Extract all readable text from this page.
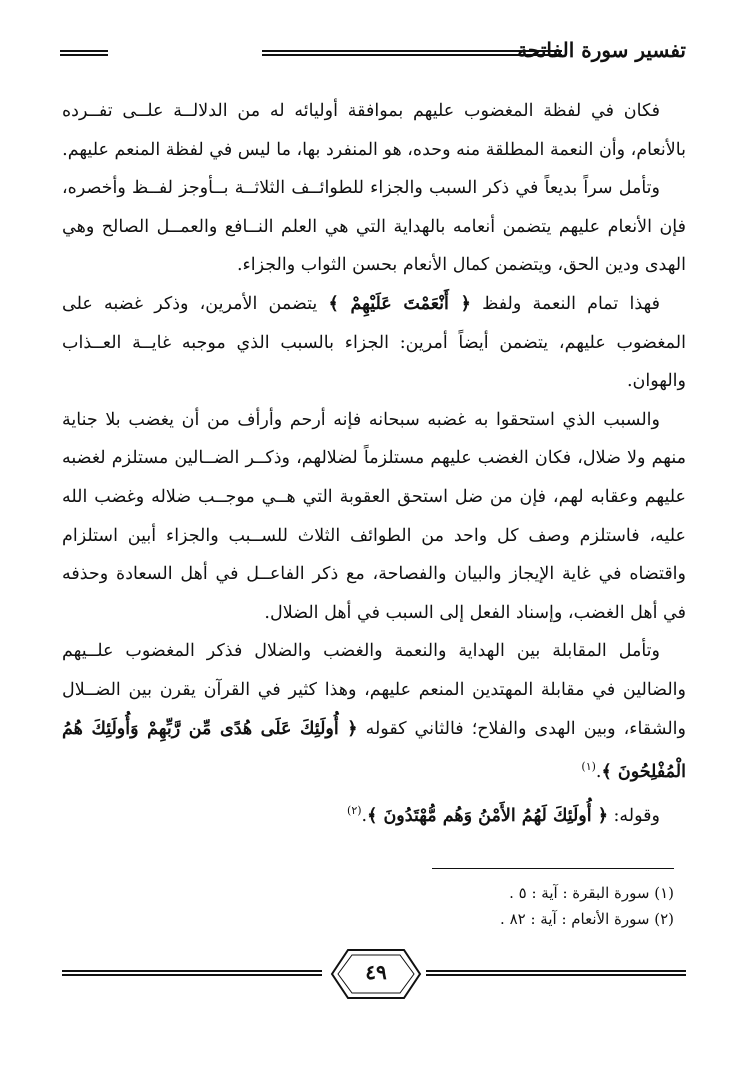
تفسير سورة الفاتحة

فكان في لفظة المغضوب عليهم بموافقة أوليائه له من الدلالــة علــى تفــرده بالأنعام، وأن النعمة المطلقة منه وحده، هو المنفرد بها، ما ليس في لفظة المنعم عليهم.

وتأمل سراً بديعاً في ذكر السبب والجزاء للطوائــف الثلاثــة بــأوجز لفــظ وأخصره، فإن الأنعام عليهم يتضمن أنعامه بالهداية التي هي العلم النــافع والعمــل الصالح وهي الهدى ودين الحق، ويتضمن كمال الأنعام بحسن الثواب والجزاء.

فهذا تمام النعمة ولفظ ﴿ أَنْعَمْتَ عَلَيْهِمْ ﴾ يتضمن الأمرين، وذكر غضبه على المغضوب عليهم، يتضمن أيضاً أمرين: الجزاء بالسبب الذي موجبه غايــة العــذاب والهوان.

والسبب الذي استحقوا به غضبه سبحانه فإنه أرحم وأرأف من أن يغضب بلا جناية منهم ولا ضلال، فكان الغضب عليهم مستلزماً لضلالهم، وذكــر الضــالين مستلزم لغضبه عليهم وعقابه لهم، فإن من ضل استحق العقوبة التي هــي موجــب ضلاله وغضب الله عليه، فاستلزم وصف كل واحد من الطوائف الثلاث للســبب والجزاء أبين استلزام واقتضاه في غاية الإيجاز والبيان والفصاحة، مع ذكر الفاعــل في أهل السعادة وحذفه في أهل الغضب، وإسناد الفعل إلى السبب في أهل الضلال.

وتأمل المقابلة بين الهداية والنعمة والغضب والضلال فذكر المغضوب علــيهم والضالين في مقابلة المهتدين المنعم عليهم، وهذا كثير في القرآن يقرن بين الضــلال والشقاء، وبين الهدى والفلاح؛ فالثاني كقوله ﴿ أُولَئِكَ عَلَى هُدًى مِّن رَّبِّهِمْ وَأُولَئِكَ هُمُ الْمُفْلِحُونَ ﴾.$^{(١)}$

وقوله: ﴿ أُولَئِكَ لَهُمُ الأَمْنُ وَهُم مُّهْتَدُونَ ﴾.$^{(٢)}$

(١) سورة البقرة : آية : ٥ .

(٢) سورة الأنعام : آية : ٨٢ .

٤٩
